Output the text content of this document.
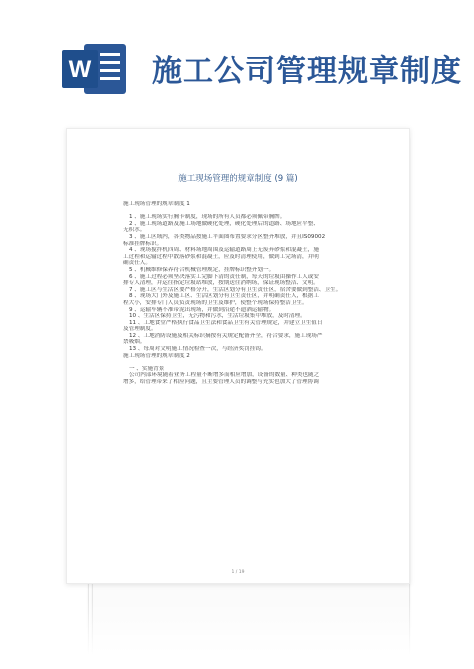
W 施工公司管理规章制度
施工现场管理的规章制度 (9 篇)

施工现场管理的规章制度 1

1 、施工现场实行胸卡制度，现场的所有人员都必须佩带胸牌。

2 、施工现场道路及施工场地做硬化处理，硬化处理后的道路、场地应平整、

无积水。

3 、施工区域内，各类物品按施工平面图布置要求分区整齐堆放，并且IS09002

标准挂牌标识。

4 、现场搅拌机四周、材料场地周围及运输道路周上无废弃砂浆和混凝土，施

工过程和运输过程中散落砂浆和混凝土，应及时清理使用，做到工完场清，并明

确责任人。

5 、机械维修保养符合机械管理规定，挂牌标识整齐划一。

6 、施工过程必须坚决落实工完脚下清的责任制，每天的垃圾由操作工人或安

排专人清理，并运往指定垃圾站堆放，按期送往消纳场，保证现场整洁、文明。

7 、施工区与生活区要严格分开，生活区划分有卫生责任区，宿舍要做到整洁、卫生。

8 、现场大门外及施工区、生活区划分有卫生责任区，并明确责任人，根据工

程大小，安排专门人员负责现场的卫生及维护，使整个现场保持整洁卫生。

9 、运输车辆不准带泥出现场，并做到沿途不遗洒运输物。

10 、生活区保持卫生，无污物和污水，生活垃圾集中堆放，及时清理。

11 、工地食堂严格执行食品卫生法和食品卫生有关管理规定，并建立卫生值日

及管理制度。

12 、工地消防设施及相关标识摘按有关规定配备齐全，符合要求，施工现场严

禁吸烟。

13 、每周对文明施工情况检查一次，与经济奖罚挂钩。

施工现场管理的规章制度 2

一 、实施背景

公司内部环境随着业务工程量不断增多而相应增加，设备的数量、种类也随之

增多，给管理带来了相应问题，且主要管理人员的调整与充实也加大了管理协调

1 / 19
